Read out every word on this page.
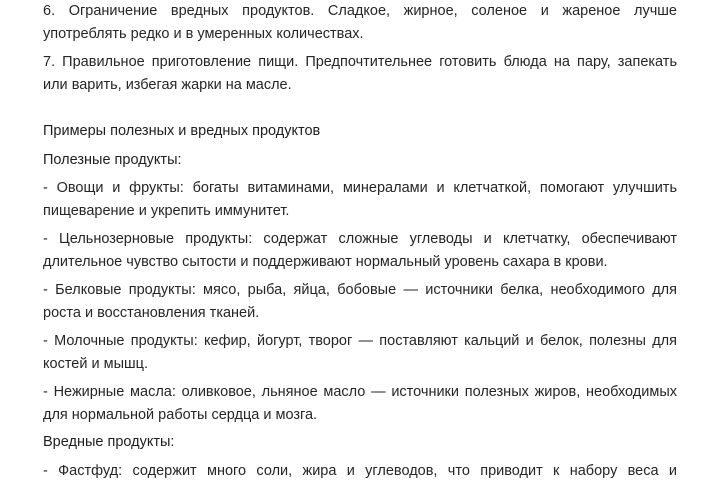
6. Ограничение вредных продуктов. Сладкое, жирное, соленое и жареное лучше употреблять редко и в умеренных количествах.

7. Правильное приготовление пищи. Предпочтительнее готовить блюда на пару, запекать или варить, избегая жарки на масле.

Примеры полезных и вредных продуктов

Полезные продукты:

- Овощи и фрукты: богаты витаминами, минералами и клетчаткой, помогают улучшить пищеварение и укрепить иммунитет.

- Цельнозерновые продукты: содержат сложные углеводы и клетчатку, обеспечивают длительное чувство сытости и поддерживают нормальный уровень сахара в крови.

- Белковые продукты: мясо, рыба, яйца, бобовые — источники белка, необходимого для роста и восстановления тканей.

- Молочные продукты: кефир, йогурт, творог — поставляют кальций и белок, полезны для костей и мышц.

- Нежирные масла: оливковое, льняное масло — источники полезных жиров, необходимых для нормальной работы сердца и мозга.

Вредные продукты:

- Фастфуд: содержит много соли, жира и углеводов, что приводит к набору веса и
